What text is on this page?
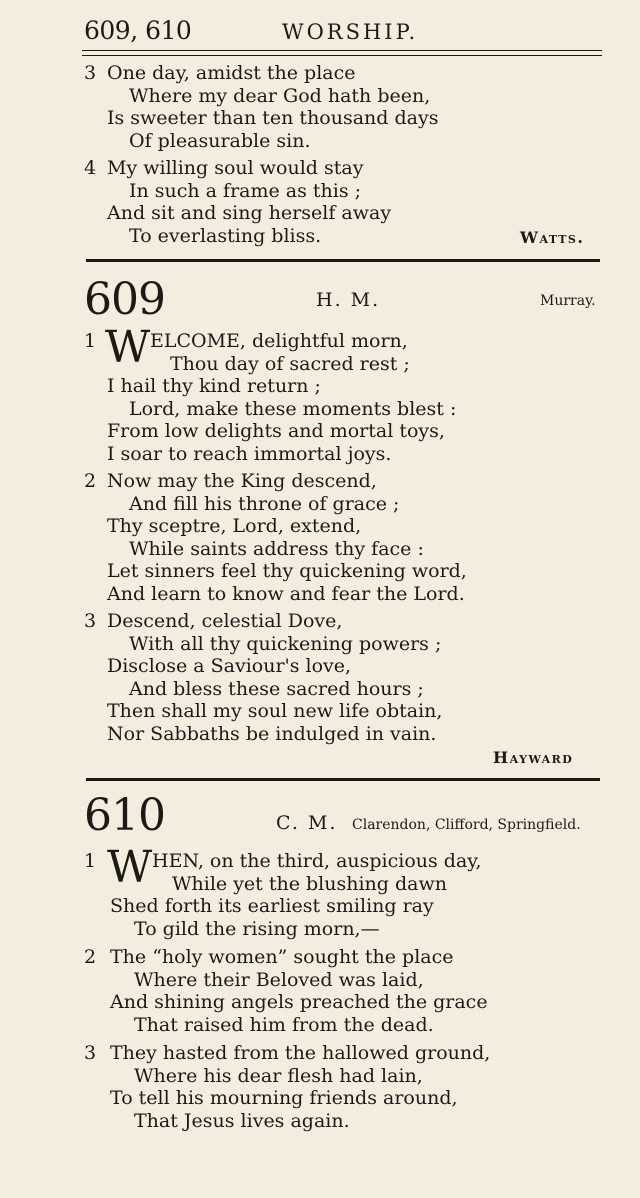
609, 610	WORSHIP.
3 One day, amidst the place
Where my dear God hath been,
Is sweeter than ten thousand days
Of pleasurable sin.
4 My willing soul would stay
In such a frame as this ;
And sit and sing herself away
To everlasting bliss.	Watts.
609	H. M.	Murray.
1 W ELCOME, delightful morn,
Thou day of sacred rest ;
I hail thy kind return ;
Lord, make these moments blest :
From low delights and mortal toys,
I soar to reach immortal joys.
2 Now may the King descend,
And fill his throne of grace ;
Thy sceptre, Lord, extend,
While saints address thy face :
Let sinners feel thy quickening word,
And learn to know and fear the Lord.
3 Descend, celestial Dove,
With all thy quickening powers ;
Disclose a Saviour's love,
And bless these sacred hours ;
Then shall my soul new life obtain,
Nor Sabbaths be indulged in vain.
Hayward
610	C. M. Clarendon, Clifford, Springfield.
1 W HEN, on the third, auspicious day,
While yet the blushing dawn
Shed forth its earliest smiling ray
To gild the rising morn,—
2 The “holy women” sought the place
Where their Beloved was laid,
And shining angels preached the grace
That raised him from the dead.
3 They hasted from the hallowed ground,
Where his dear flesh had lain,
To tell his mourning friends around,
That Jesus lives again.
